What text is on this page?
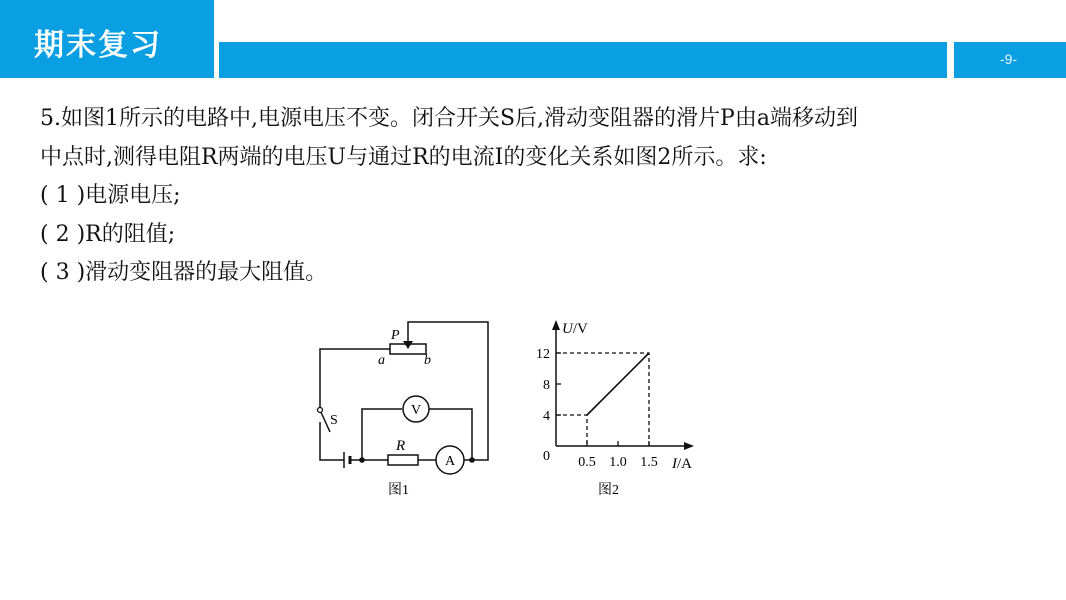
期末复习	-9-
5.如图1所示的电路中,电源电压不变。闭合开关S后,滑动变阻器的滑片P由a端移动到
中点时,测得电阻R两端的电压U与通过R的电流I的变化关系如图2所示。求:
( 1 )电源电压;
( 2 )R的阻值;
( 3 )滑动变阻器的最大阻值。
P
a	b
S
R
V
A
图1
U/V
I/A
0
图2
0.5 1.0 1.5
4
8
12
